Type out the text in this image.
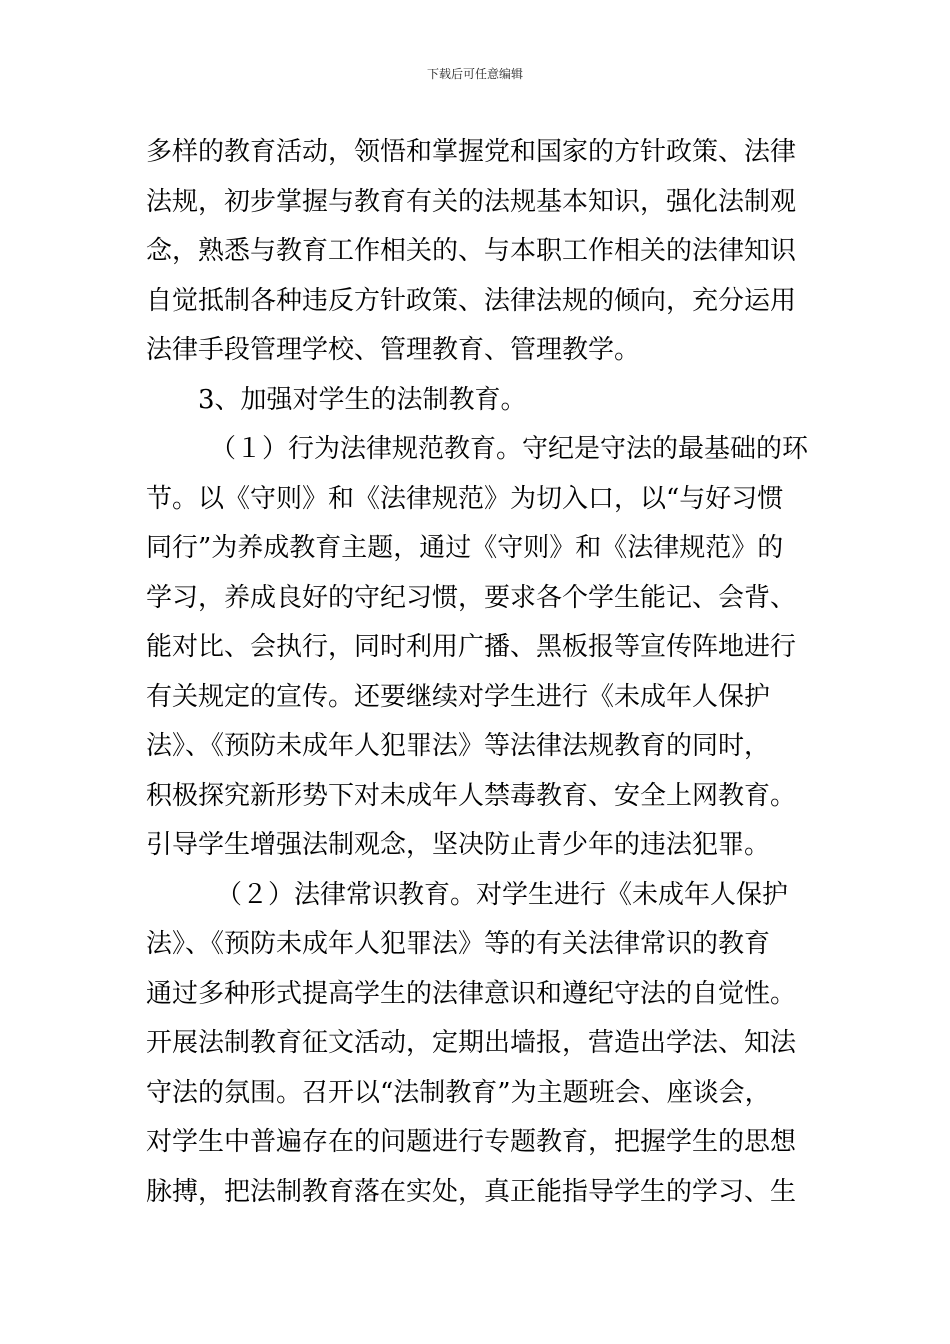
下载后可任意编辑
多样的教育活动，领悟和掌握党和国家的方针政策、法律
法规，初步掌握与教育有关的法规基本知识，强化法制观
念，熟悉与教育工作相关的、与本职工作相关的法律知识
自觉抵制各种违反方针政策、法律法规的倾向，充分运用
法律手段管理学校、管理教育、管理教学。
3、加强对学生的法制教育。
（１）行为法律规范教育。守纪是守法的最基础的环
节。以《守则》和《法律规范》为切入口，以“与好习惯
同行”为养成教育主题，通过《守则》和《法律规范》的
学习，养成良好的守纪习惯，要求各个学生能记、会背、
能对比、会执行，同时利用广播、黑板报等宣传阵地进行
有关规定的宣传。还要继续对学生进行《未成年人保护
法》、《预防未成年人犯罪法》等法律法规教育的同时，
积极探究新形势下对未成年人禁毒教育、安全上网教育。
引导学生增强法制观念，坚决防止青少年的违法犯罪。
（２）法律常识教育。对学生进行《未成年人保护
法》、《预防未成年人犯罪法》等的有关法律常识的教育
通过多种形式提高学生的法律意识和遵纪守法的自觉性。
开展法制教育征文活动，定期出墙报，营造出学法、知法
守法的氛围。召开以“法制教育”为主题班会、座谈会，
对学生中普遍存在的问题进行专题教育，把握学生的思想
脉搏，把法制教育落在实处，真正能指导学生的学习、生
